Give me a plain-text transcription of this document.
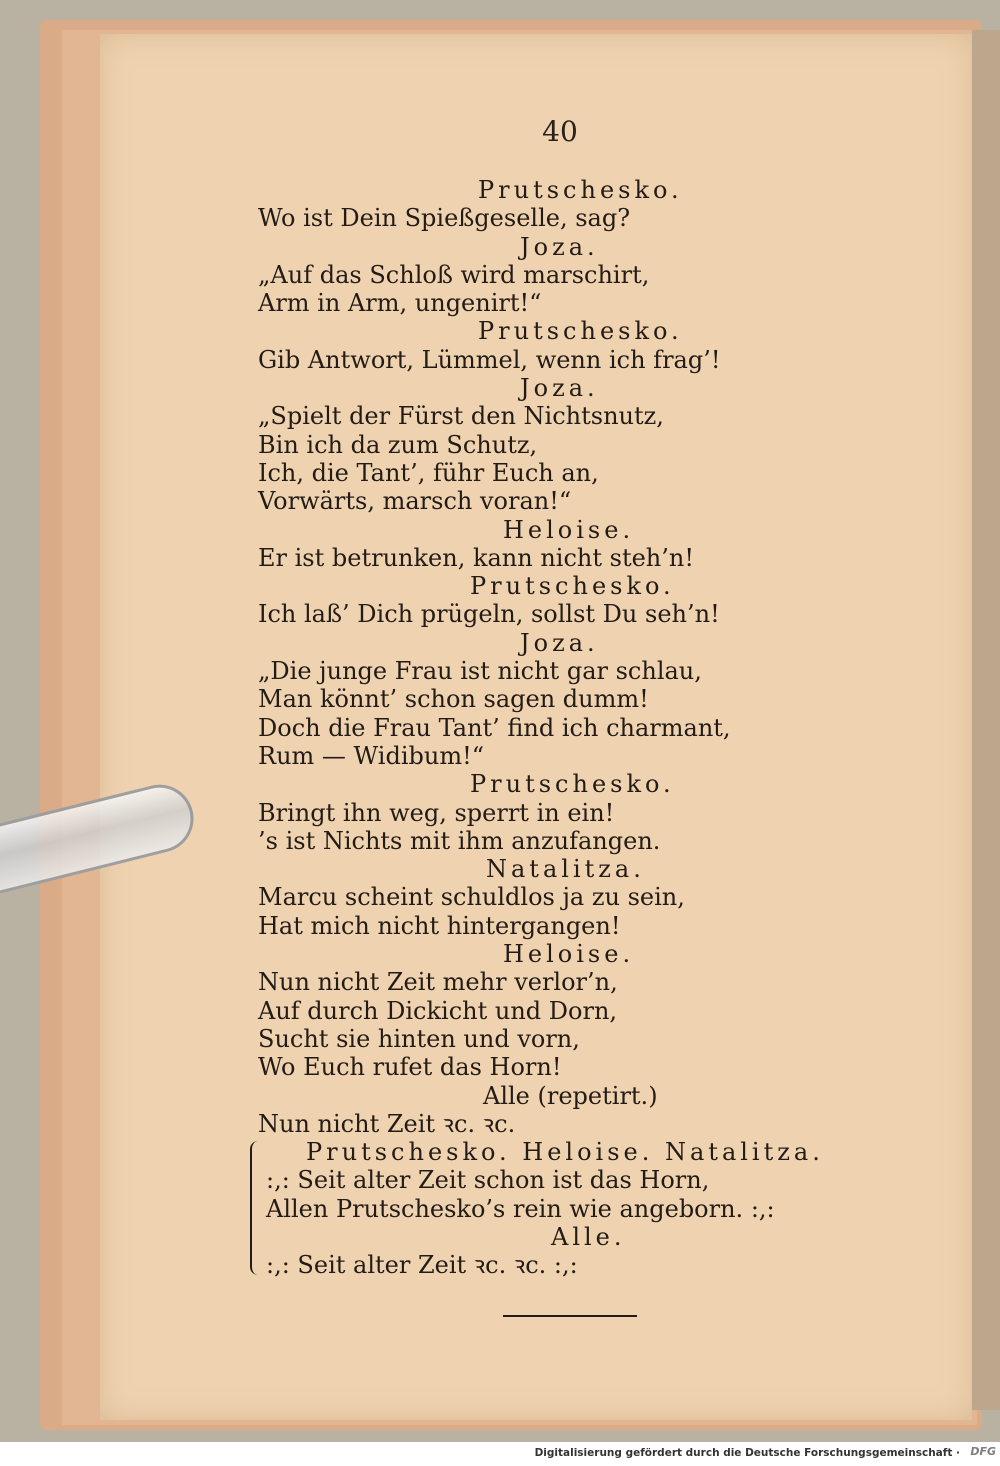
40
Prutschesko.
Wo ist Dein Spießgeselle, sag?
Joza.
„Auf das Schloß wird marschirt,
Arm in Arm, ungenirt!“
Prutschesko.
Gib Antwort, Lümmel, wenn ich frag’!
Joza.
„Spielt der Fürst den Nichtsnutz,
Bin ich da zum Schutz,
Ich, die Tant’, führ Euch an,
Vorwärts, marsch voran!“
Heloise.
Er ist betrunken, kann nicht steh’n!
Prutschesko.
Ich laß’ Dich prügeln, sollst Du seh’n!
Joza.
„Die junge Frau ist nicht gar schlau,
Man könnt’ schon sagen dumm!
Doch die Frau Tant’ find ich charmant,
Rum — Widibum!“
Prutschesko.
Bringt ihn weg, sperrt in ein!
’s ist Nichts mit ihm anzufangen.
Natalitza.
Marcu scheint schuldlos ja zu sein,
Hat mich nicht hintergangen!
Heloise.
Nun nicht Zeit mehr verlor’n,
Auf durch Dickicht und Dorn,
Sucht sie hinten und vorn,
Wo Euch rufet das Horn!
Alle (repetirt.)
Nun nicht Zeit ꝛc. ꝛc.
Prutschesko. Heloise. Natalitza.
:,: Seit alter Zeit schon ist das Horn,
Allen Prutschesko’s rein wie angeborn. :,:
Alle.
:,: Seit alter Zeit ꝛc. ꝛc. :,:
Digitalisierung gefördert durch die Deutsche Forschungsgemeinschaft · DFG
